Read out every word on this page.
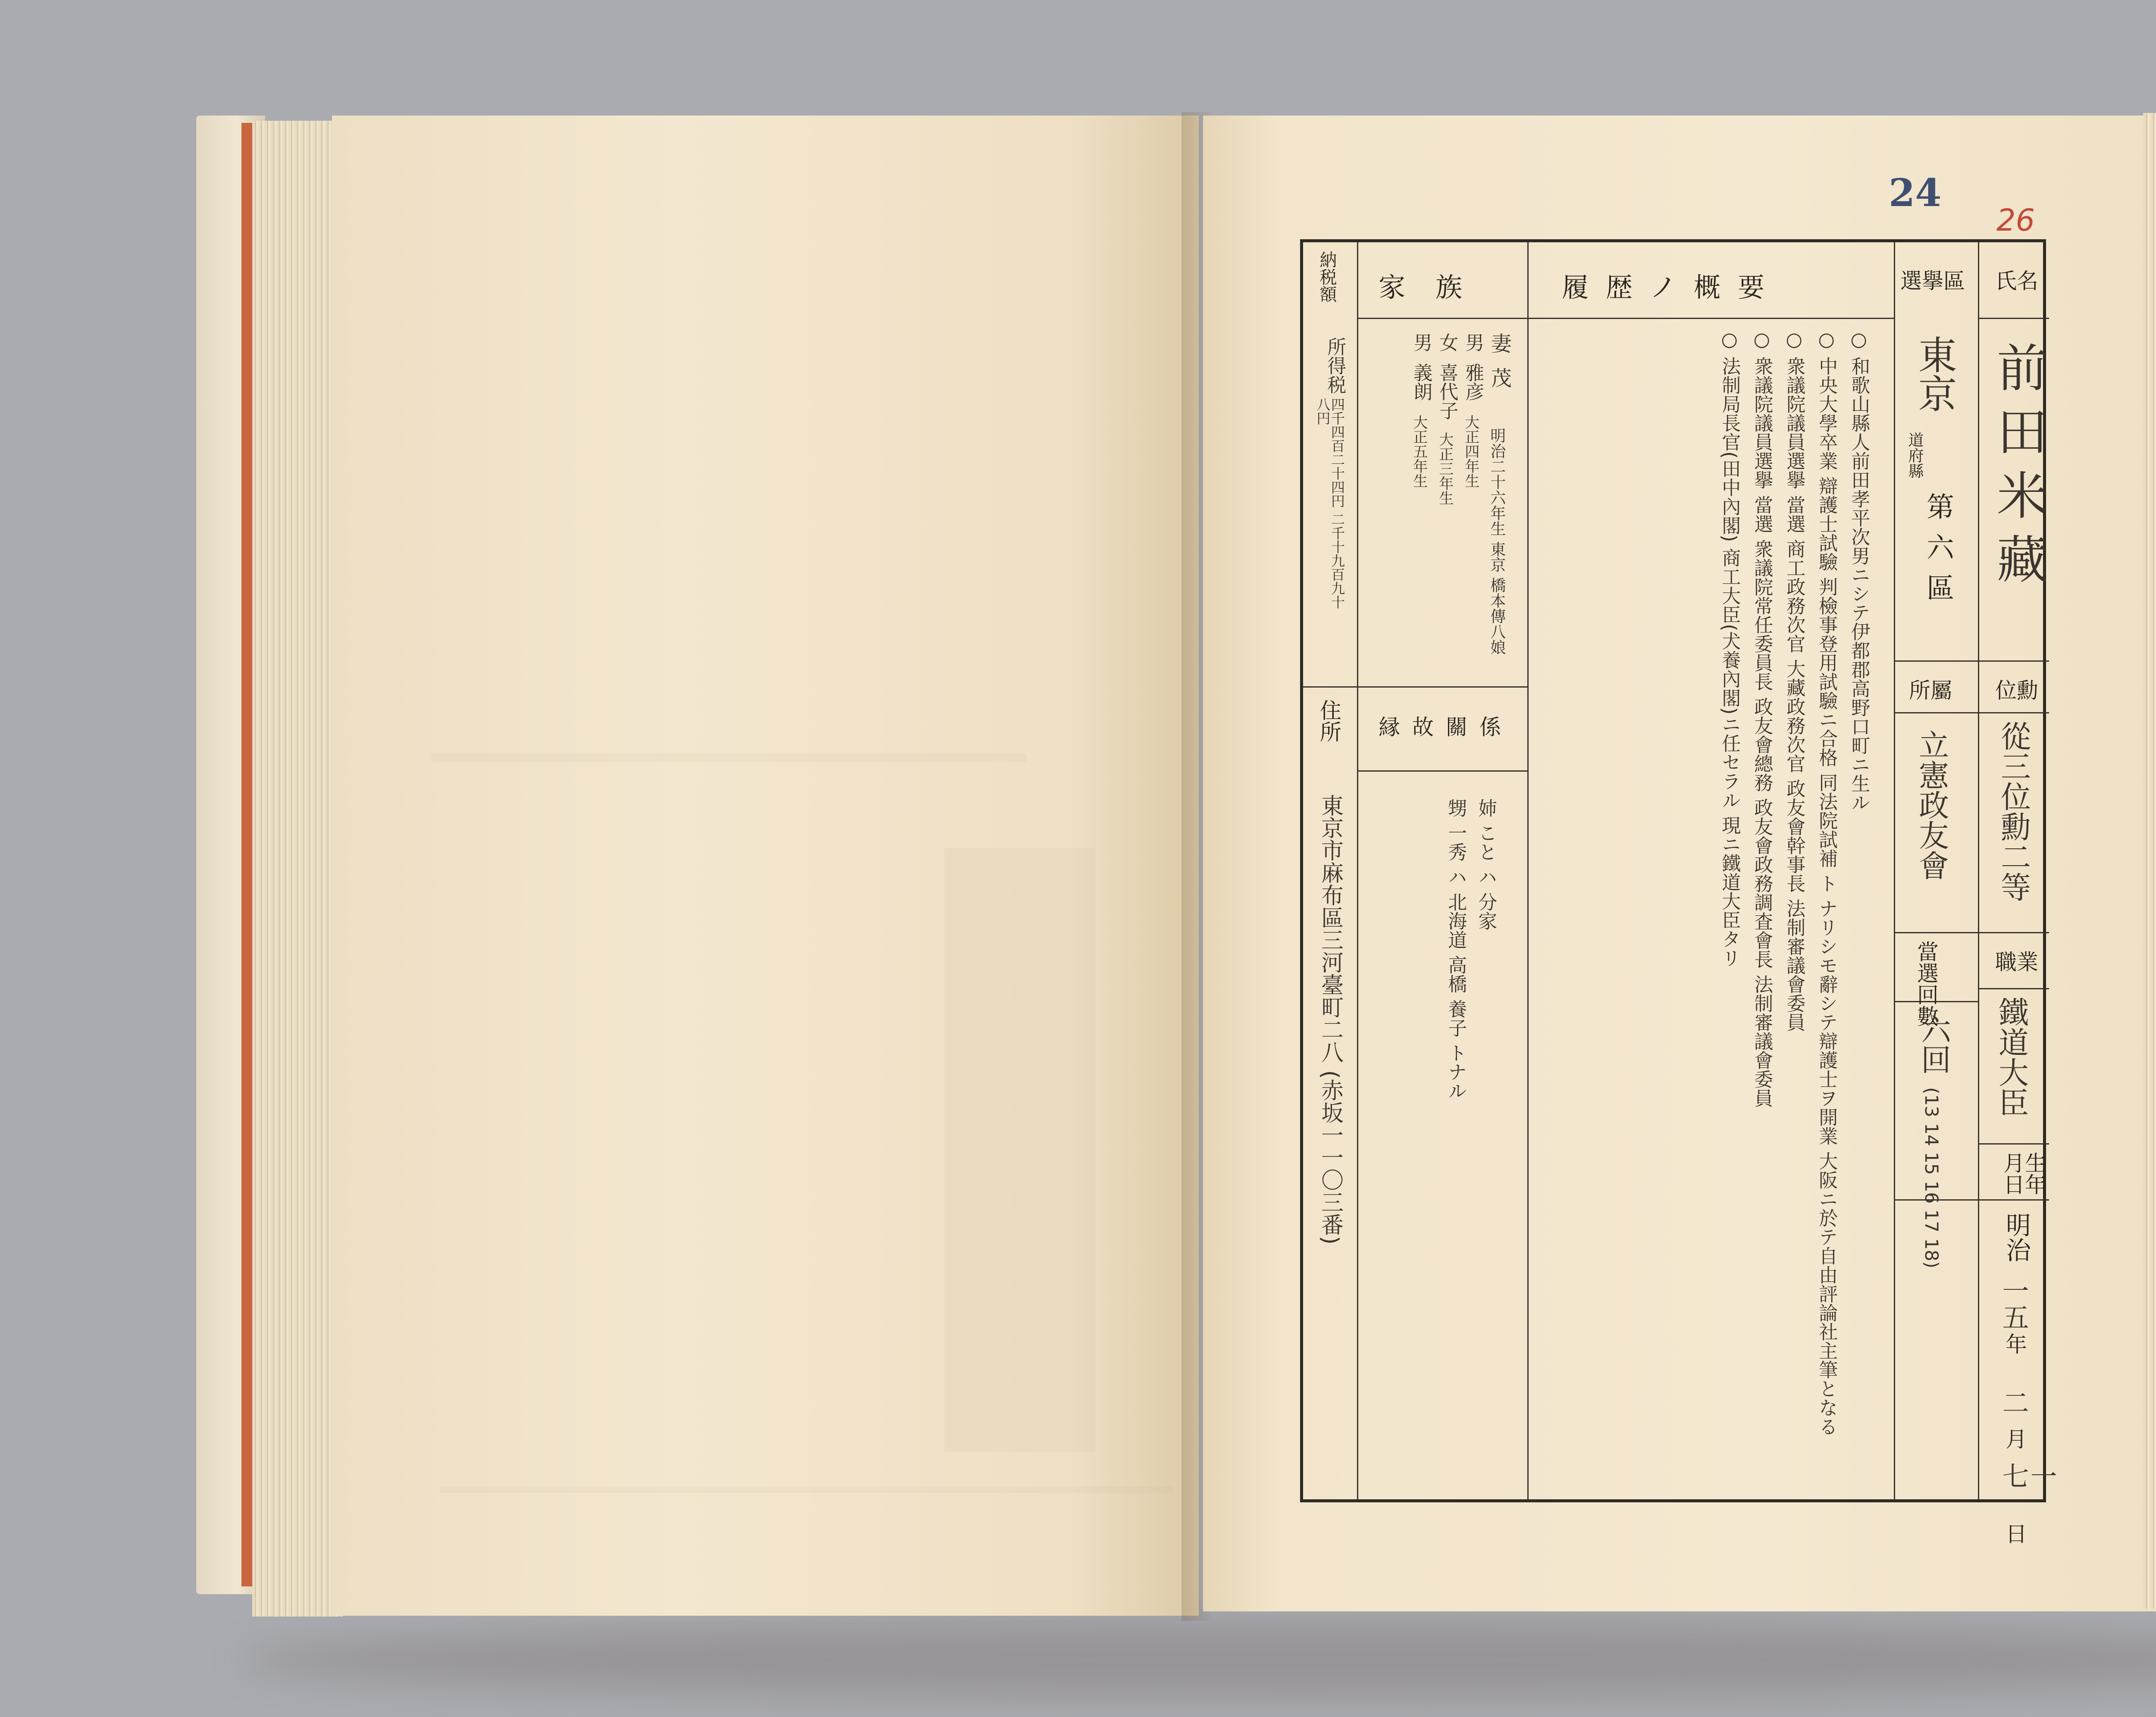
24
26
氏名
選擧區
位勳
所屬
職業
當選回數
生年月日
履歴ノ概要
家族
納税額
縁故關係
住所
前田米藏
東京
道府縣
第六區
從三位勳二等
立憲政友會
鐵道大臣
六回
(13 14 15 16 17 18) 明治
一五
年
二
月
一七
日
○ 和歌山縣人前田孝平次男ニシテ伊都郡高野口町ニ生ル
○ 中央大學卒業 辯護士試驗 判檢事登用試驗ニ合格 同法院試補 ト ナリシモ辭シテ辯護士ヲ開業 大阪ニ於テ自由評論社主筆となる
○ 衆議院議員選擧 當選 商工政務次官 大藏政務次官 政友會幹事長 法制審議會委員
○ 衆議院議員選擧 當選 衆議院常任委員長 政友會總務 政友會政務調査會長 法制審議會委員
○ 法制局長官(田中內閣) 商工大臣(犬養內閣)ニ任セラル 現ニ鐵道大臣タリ
妻
茂
明治二十六年生 東京 橋本傳八娘
男
雅彦
大正四年生
女
喜代子
大正三年生
男
義朗
大正五年生
所得税
四千四百二十四円 二千十九百九十八円
姉 こと ハ 分家
甥 一秀 ハ 北海道 高橋 養子 トナル
東京市麻布區三河臺町二八 (赤坂一一〇三番)
